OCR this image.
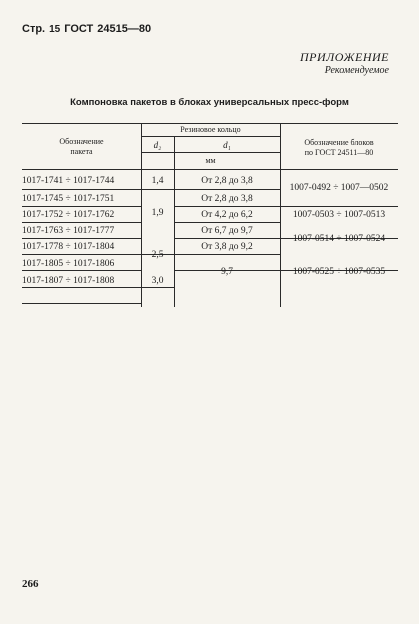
Стр. 15 ГОСТ 24515—80
ПРИЛОЖЕНИЕ
Рекомендуемое
Компоновка пакетов в блоках универсальных пресс-форм
Обозначение
пакета
Резиновое кольцо
d₂	d₁
мм
Обозначение блоков
по ГОСТ 24511—80
1017-1741 ÷ 1017-1744
1017-1745 ÷ 1017-1751
1017-1752 ÷ 1017-1762
1017-1763 ÷ 1017-1777
1017-1778 ÷ 1017-1804
1017-1805 ÷ 1017-1806
1017-1807 ÷ 1017-1808
1,4
1,9
2,5
3,0
От 2,8 до 3,8
От 2,8 до 3,8
От 4,2 до 6,2
От 6,7 до 9,7
От 3,8 до 9,2
9,7
1007-0492 ÷ 1007—0502
1007-0503 ÷ 1007-0513
1007-0514 ÷ 1007-0524
1007-0525 ÷ 1007-0535
266
